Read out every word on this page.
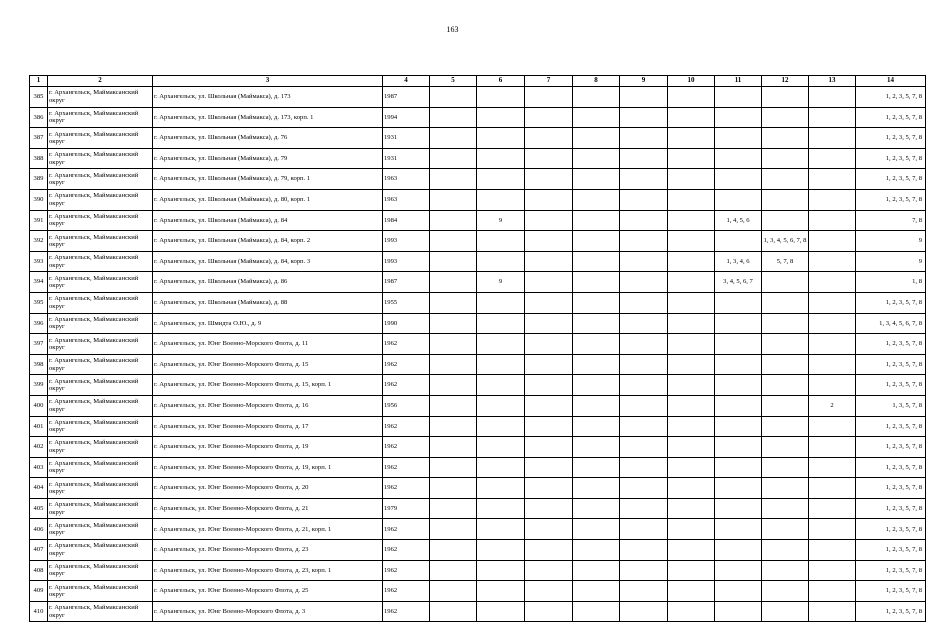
163
1	2	3	4	5	6	7	8	9	10	11	12	13	14
385	г. Архангельск, Маймаксанский округ	г. Архангельск, ул. Школьная (Маймакса), д. 173	1987										1, 2, 3, 5, 7, 8
386	г. Архангельск, Маймаксанский округ	г. Архангельск, ул. Школьная (Маймакса), д. 173, корп. 1	1994										1, 2, 3, 5, 7, 8
387	г. Архангельск, Маймаксанский округ	г. Архангельск, ул. Школьная (Маймакса), д. 76	1931										1, 2, 3, 5, 7, 8
388	г. Архангельск, Маймаксанский округ	г. Архангельск, ул. Школьная (Маймакса), д. 79	1931										1, 2, 3, 5, 7, 8
389	г. Архангельск, Маймаксанский округ	г. Архангельск, ул. Школьная (Маймакса), д. 79, корп. 1	1963										1, 2, 3, 5, 7, 8
390	г. Архангельск, Маймаксанский округ	г. Архангельск, ул. Школьная (Маймакса), д. 80, корп. 1	1963										1, 2, 3, 5, 7, 8
391	г. Архангельск, Маймаксанский округ	г. Архангельск, ул. Школьная (Маймакса), д. 84	1984		9					1, 4, 5, 6			7, 8
392	г. Архангельск, Маймаксанский округ	г. Архангельск, ул. Школьная (Маймакса), д. 84, корп. 2	1993								1, 3, 4, 5, 6, 7, 8		9
393	г. Архангельск, Маймаксанский округ	г. Архангельск, ул. Школьная (Маймакса), д. 84, корп. 3	1993							1, 3, 4, 6	5, 7, 8		9
394	г. Архангельск, Маймаксанский округ	г. Архангельск, ул. Школьная (Маймакса), д. 86	1987		9					3, 4, 5, 6, 7			1, 8
395	г. Архангельск, Маймаксанский округ	г. Архангельск, ул. Школьная (Маймакса), д. 88	1955										1, 2, 3, 5, 7, 8
396	г. Архангельск, Маймаксанский округ	г. Архангельск, ул. Шмидта О.Ю., д. 9	1990										1, 3, 4, 5, 6, 7, 8
397	г. Архангельск, Маймаксанский округ	г. Архангельск, ул. Юнг Военно-Морского Флота, д. 11	1962										1, 2, 3, 5, 7, 8
398	г. Архангельск, Маймаксанский округ	г. Архангельск, ул. Юнг Военно-Морского Флота, д. 15	1962										1, 2, 3, 5, 7, 8
399	г. Архангельск, Маймаксанский округ	г. Архангельск, ул. Юнг Военно-Морского Флота, д. 15, корп. 1	1962										1, 2, 3, 5, 7, 8
400	г. Архангельск, Маймаксанский округ	г. Архангельск, ул. Юнг Военно-Морского Флота, д. 16	1956									2	1, 3, 5, 7, 8
401	г. Архангельск, Маймаксанский округ	г. Архангельск, ул. Юнг Военно-Морского Флота, д. 17	1962										1, 2, 3, 5, 7, 8
402	г. Архангельск, Маймаксанский округ	г. Архангельск, ул. Юнг Военно-Морского Флота, д. 19	1962										1, 2, 3, 5, 7, 8
403	г. Архангельск, Маймаксанский округ	г. Архангельск, ул. Юнг Военно-Морского Флота, д. 19, корп. 1	1962										1, 2, 3, 5, 7, 8
404	г. Архангельск, Маймаксанский округ	г. Архангельск, ул. Юнг Военно-Морского Флота, д. 20	1962										1, 2, 3, 5, 7, 8
405	г. Архангельск, Маймаксанский округ	г. Архангельск, ул. Юнг Военно-Морского Флота, д. 21	1979										1, 2, 3, 5, 7, 8
406	г. Архангельск, Маймаксанский округ	г. Архангельск, ул. Юнг Военно-Морского Флота, д. 21, корп. 1	1962										1, 2, 3, 5, 7, 8
407	г. Архангельск, Маймаксанский округ	г. Архангельск, ул. Юнг Военно-Морского Флота, д. 23	1962										1, 2, 3, 5, 7, 8
408	г. Архангельск, Маймаксанский округ	г. Архангельск, ул. Юнг Военно-Морского Флота, д. 23, корп. 1	1962										1, 2, 3, 5, 7, 8
409	г. Архангельск, Маймаксанский округ	г. Архангельск, ул. Юнг Военно-Морского Флота, д. 25	1962										1, 2, 3, 5, 7, 8
410	г. Архангельск, Маймаксанский округ	г. Архангельск, ул. Юнг Военно-Морского Флота, д. 3	1962										1, 2, 3, 5, 7, 8
